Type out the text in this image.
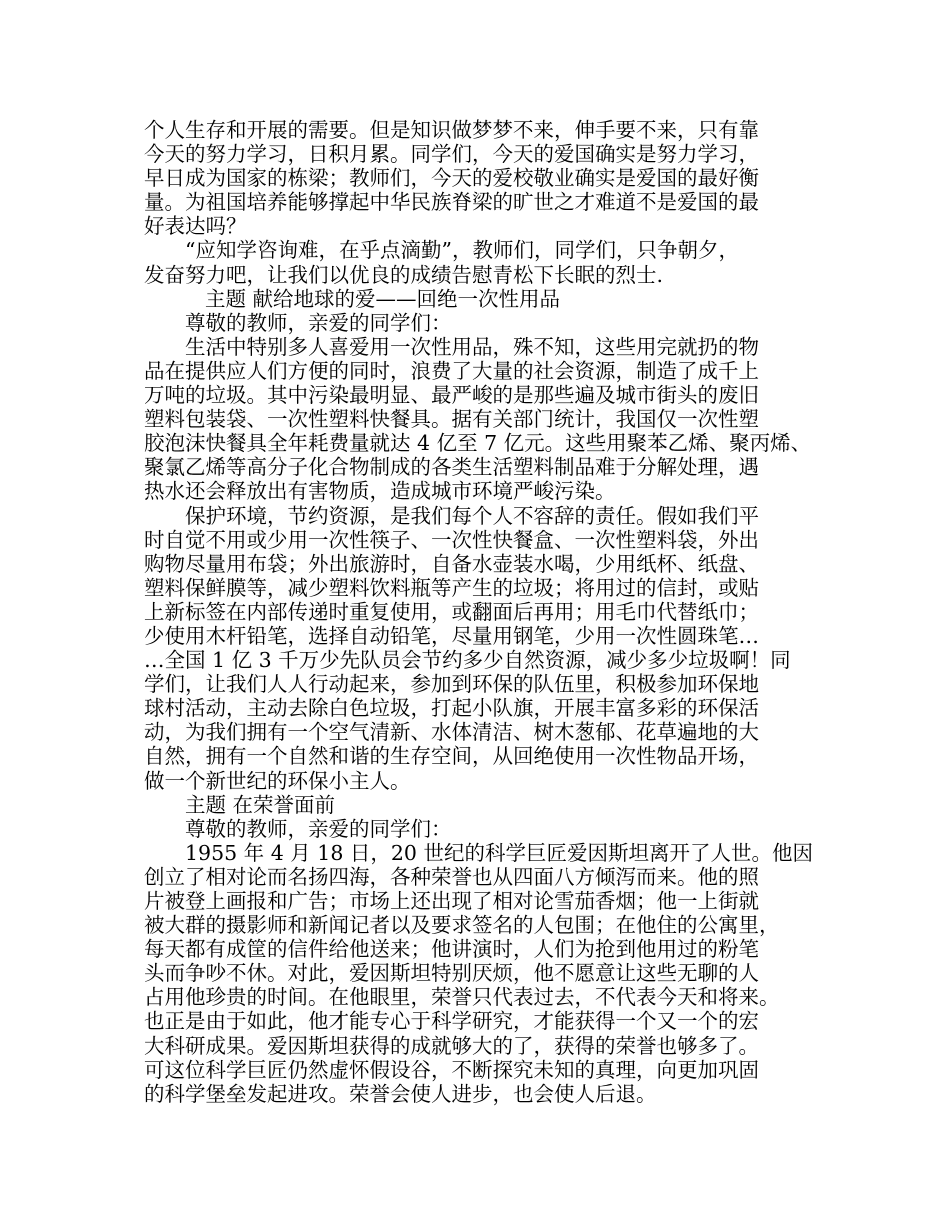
个人生存和开展的需要。但是知识做梦梦不来，伸手要不来，只有靠
今天的努力学习，日积月累。同学们，今天的爱国确实是努力学习，
早日成为国家的栋梁；教师们，今天的爱校敬业确实是爱国的最好衡
量。为祖国培养能够撑起中华民族脊梁的旷世之才难道不是爱国的最
好表达吗？
“应知学咨询难，在乎点滴勤”，教师们，同学们，只争朝夕，
发奋努力吧，让我们以优良的成绩告慰青松下长眠的烈士.
主题 献给地球的爱——回绝一次性用品
尊敬的教师，亲爱的同学们：
生活中特别多人喜爱用一次性用品，殊不知，这些用完就扔的物
品在提供应人们方便的同时，浪费了大量的社会资源，制造了成千上
万吨的垃圾。其中污染最明显、最严峻的是那些遍及城市街头的废旧
塑料包装袋、一次性塑料快餐具。据有关部门统计，我国仅一次性塑
胶泡沫快餐具全年耗费量就达 4 亿至 7 亿元。这些用聚苯乙烯、聚丙烯、
聚氯乙烯等高分子化合物制成的各类生活塑料制品难于分解处理，遇
热水还会释放出有害物质，造成城市环境严峻污染。
保护环境，节约资源，是我们每个人不容辞的责任。假如我们平
时自觉不用或少用一次性筷子、一次性快餐盒、一次性塑料袋，外出
购物尽量用布袋；外出旅游时，自备水壶装水喝，少用纸杯、纸盘、
塑料保鲜膜等，减少塑料饮料瓶等产生的垃圾；将用过的信封，或贴
上新标签在内部传递时重复使用，或翻面后再用；用毛巾代替纸巾；
少使用木杆铅笔，选择自动铅笔，尽量用钢笔，少用一次性圆珠笔…
…全国 1 亿 3 千万少先队员会节约多少自然资源，减少多少垃圾啊！同
学们，让我们人人行动起来，参加到环保的队伍里，积极参加环保地
球村活动，主动去除白色垃圾，打起小队旗，开展丰富多彩的环保活
动，为我们拥有一个空气清新、水体清洁、树木葱郁、花草遍地的大
自然，拥有一个自然和谐的生存空间，从回绝使用一次性物品开场，
做一个新世纪的环保小主人。
主题 在荣誉面前
尊敬的教师，亲爱的同学们：
1955 年 4 月 18 日，20 世纪的科学巨匠爱因斯坦离开了人世。他因
创立了相对论而名扬四海，各种荣誉也从四面八方倾泻而来。他的照
片被登上画报和广告；市场上还出现了相对论雪茄香烟；他一上街就
被大群的摄影师和新闻记者以及要求签名的人包围；在他住的公寓里，
每天都有成筐的信件给他送来；他讲演时，人们为抢到他用过的粉笔
头而争吵不休。对此，爱因斯坦特别厌烦，他不愿意让这些无聊的人
占用他珍贵的时间。在他眼里，荣誉只代表过去，不代表今天和将来。
也正是由于如此，他才能专心于科学研究，才能获得一个又一个的宏
大科研成果。爱因斯坦获得的成就够大的了，获得的荣誉也够多了。
可这位科学巨匠仍然虚怀假设谷，不断探究未知的真理，向更加巩固
的科学堡垒发起进攻。荣誉会使人进步，也会使人后退。
